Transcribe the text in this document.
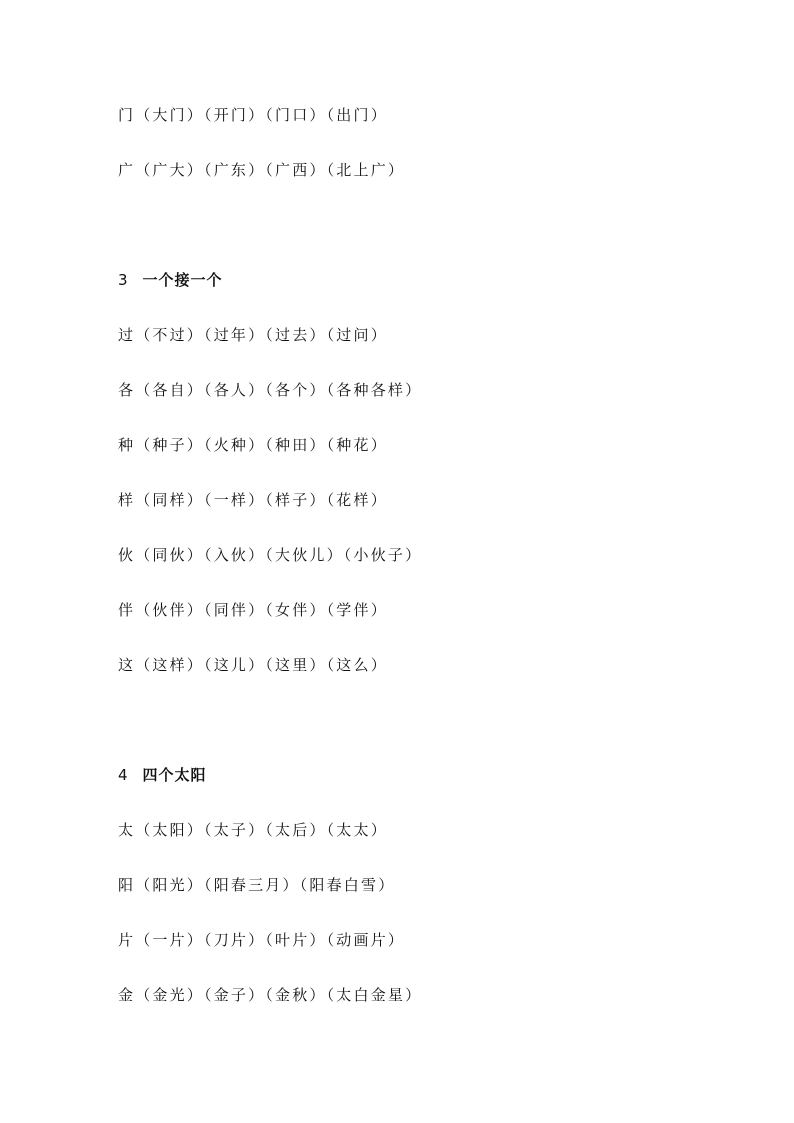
门（大门）（开门）（门口）（出门）
广（广大）（广东）（广西）（北上广）
3 一个接一个
过（不过）（过年）（过去）（过问）
各（各自）（各人）（各个）（各种各样）
种（种子）（火种）（种田）（种花）
样（同样）（一样）（样子）（花样）
伙（同伙）（入伙）（大伙儿）（小伙子）
伴（伙伴）（同伴）（女伴）（学伴）
这（这样）（这儿）（这里）（这么）
4 四个太阳
太（太阳）（太子）（太后）（太太）
阳（阳光）（阳春三月）（阳春白雪）
片（一片）（刀片）（叶片）（动画片）
金（金光）（金子）（金秋）（太白金星）
